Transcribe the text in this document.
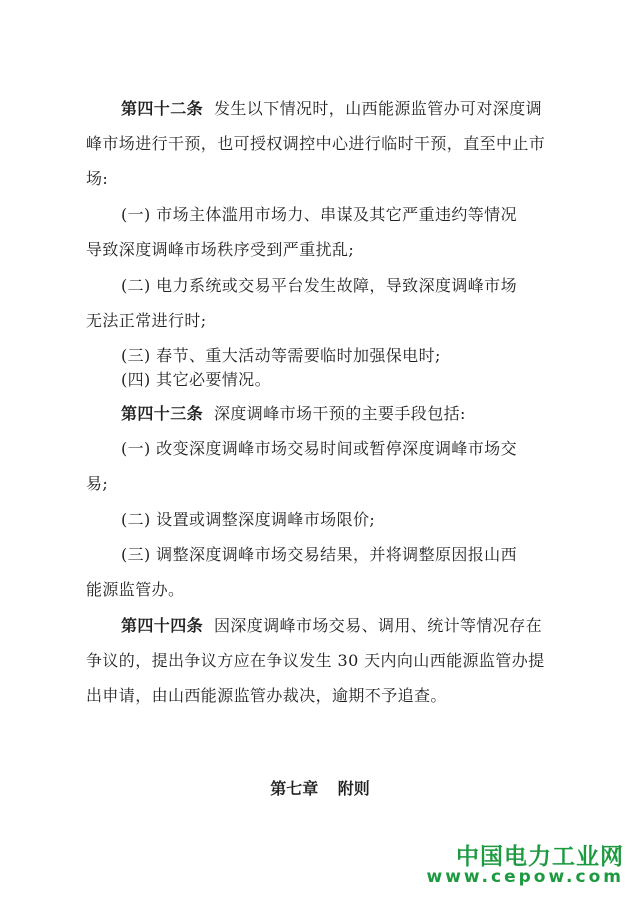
第四十二条 发生以下情况时，山西能源监管办可对深度调
峰市场进行干预，也可授权调控中心进行临时干预，直至中止市
场:
(一) 市场主体滥用市场力、串谋及其它严重违约等情况
导致深度调峰市场秩序受到严重扰乱;
(二) 电力系统或交易平台发生故障，导致深度调峰市场
无法正常进行时;
(三) 春节、重大活动等需要临时加强保电时;
(四) 其它必要情况。
第四十三条 深度调峰市场干预的主要手段包括:
(一) 改变深度调峰市场交易时间或暂停深度调峰市场交
易;
(二) 设置或调整深度调峰市场限价;
(三) 调整深度调峰市场交易结果，并将调整原因报山西
能源监管办。
第四十四条 因深度调峰市场交易、调用、统计等情况存在
争议的，提出争议方应在争议发生 30 天内向山西能源监管办提
出申请，由山西能源监管办裁决，逾期不予追查。
第七章 附则
中国电力工业网
www.cepow.com
